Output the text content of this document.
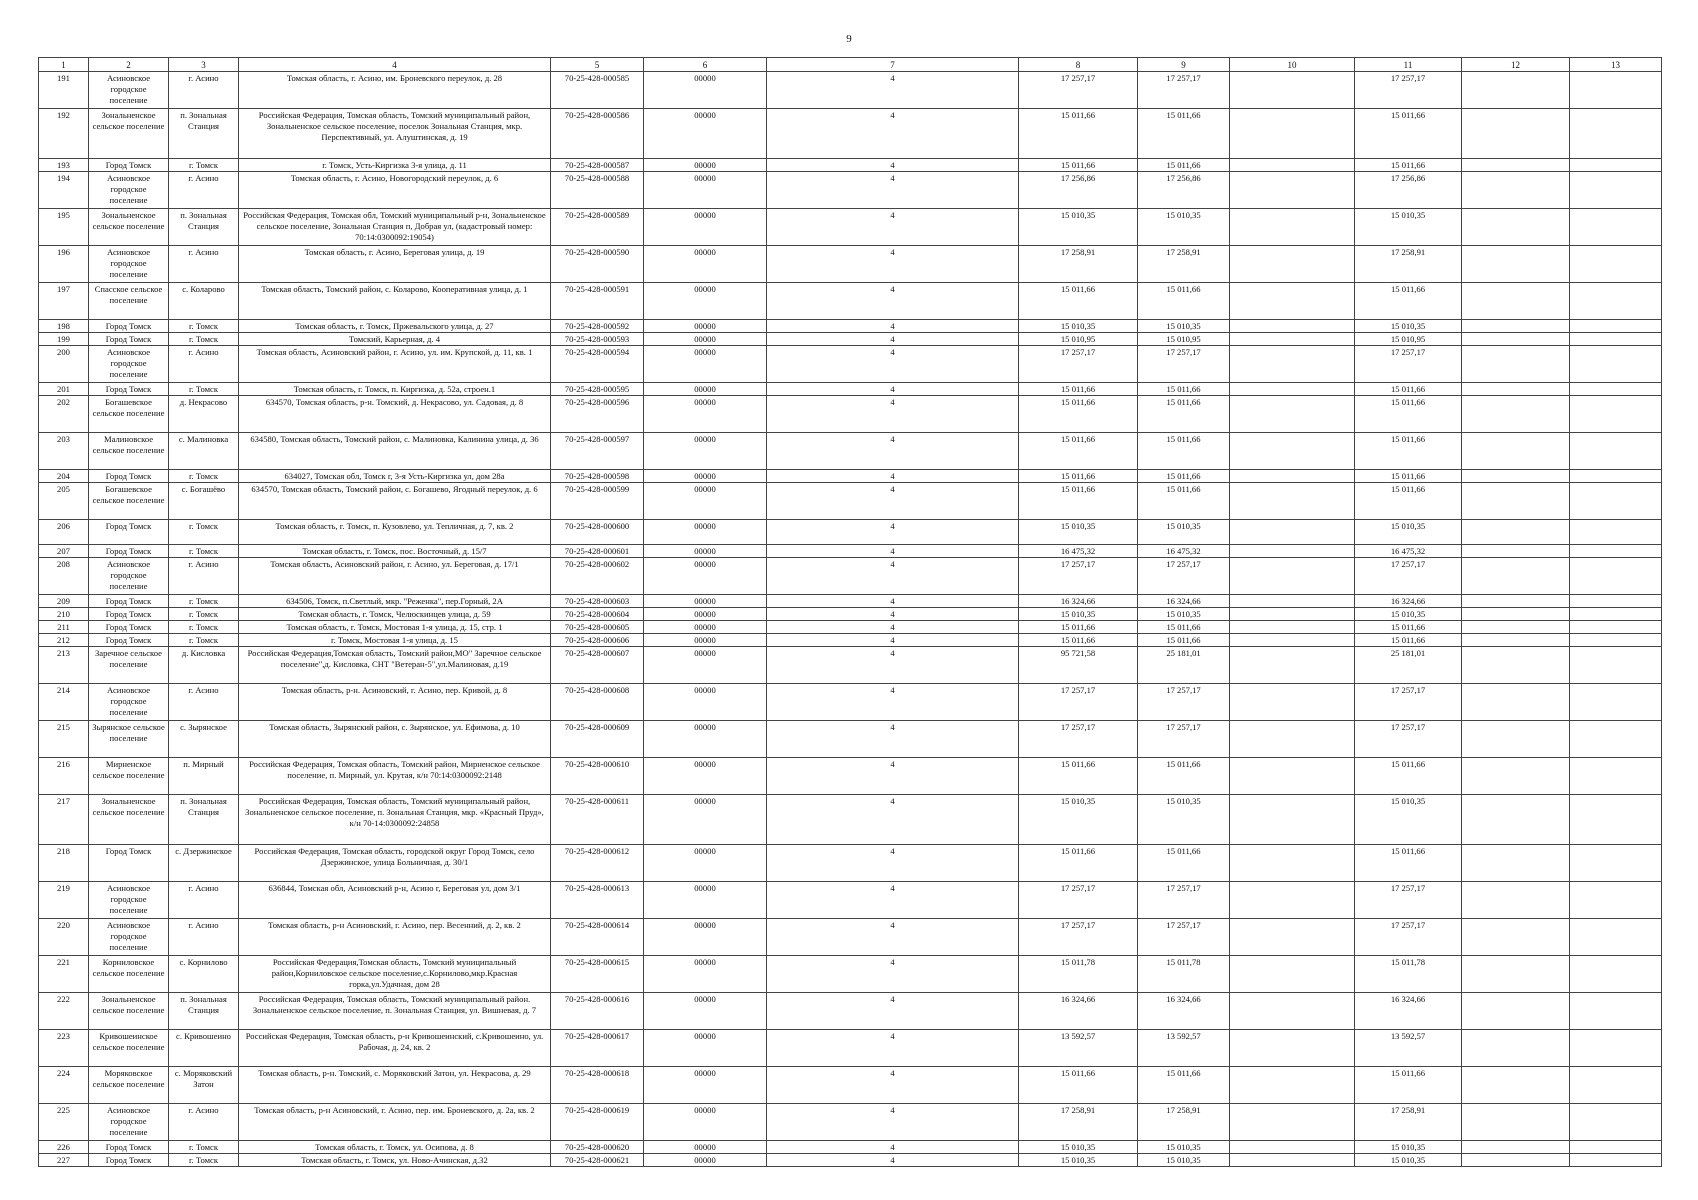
9
1	2	3	4	5	6	7	8	9	10	11	12	13
191	Асиновское городское поселение	г. Асино	Томская область, г. Асино, им. Броневского переулок, д. 28	70-25-428-000585	00000	4	17 257,17	17 257,17		17 257,17		
192	Зональненское сельское поселение	п. Зональная Станция	Российская Федерация, Томская область, Томский муниципальный район, Зональненское сельское поселение, поселок Зональная Станция, мкр. Перспективный, ул. Алуштинская, д. 19	70-25-428-000586	00000	4	15 011,66	15 011,66		15 011,66		
193	Город Томск	г. Томск	г. Томск, Усть-Киргизка 3-я улица, д. 11	70-25-428-000587	00000	4	15 011,66	15 011,66		15 011,66		
194	Асиновское городское поселение	г. Асино	Томская область, г. Асино, Новогородский переулок, д. 6	70-25-428-000588	00000	4	17 256,86	17 256,86		17 256,86		
195	Зональненское сельское поселение	п. Зональная Станция	Российская Федерация, Томская обл, Томский муниципальный р-н, Зональненское сельское поселение, Зональная Станция п, Добрая ул, (кадастровый номер: 70:14:0300092:19054)	70-25-428-000589	00000	4	15 010,35	15 010,35		15 010,35		
196	Асиновское городское поселение	г. Асино	Томская область, г. Асино, Береговая улица, д. 19	70-25-428-000590	00000	4	17 258,91	17 258,91		17 258,91		
197	Спасское сельское поселение	с. Коларово	Томская область, Томский район, с. Коларово, Кооперативная улица, д. 1	70-25-428-000591	00000	4	15 011,66	15 011,66		15 011,66		
198	Город Томск	г. Томск	Томская область, г. Томск, Пржевальского улица, д. 27	70-25-428-000592	00000	4	15 010,35	15 010,35		15 010,35		
199	Город Томск	г. Томск	Томский, Карьерная, д. 4	70-25-428-000593	00000	4	15 010,95	15 010,95		15 010,95		
200	Асиновское городское поселение	г. Асино	Томская область, Асиновский район, г. Асино, ул. им. Крупской, д. 11, кв. 1	70-25-428-000594	00000	4	17 257,17	17 257,17		17 257,17		
201	Город Томск	г. Томск	Томская область, г. Томск, п. Киргизка, д. 52а, строен.1	70-25-428-000595	00000	4	15 011,66	15 011,66		15 011,66		
202	Богашевское сельское поселение	д. Некрасово	634570, Томская область, р-н. Томский, д. Некрасово, ул. Садовая, д. 8	70-25-428-000596	00000	4	15 011,66	15 011,66		15 011,66		
203	Малиновское сельское поселение	с. Малиновка	634580, Томская область, Томский район, с. Малиновка, Калинина улица, д. 36	70-25-428-000597	00000	4	15 011,66	15 011,66		15 011,66		
204	Город Томск	г. Томск	634027, Томская обл, Томск г, 3-я Усть-Киргизка ул, дом 28а	70-25-428-000598	00000	4	15 011,66	15 011,66		15 011,66		
205	Богашевское сельское поселение	с. Богашёво	634570, Томская область, Томский район, с. Богашево, Ягодный переулок, д. 6	70-25-428-000599	00000	4	15 011,66	15 011,66		15 011,66		
206	Город Томск	г. Томск	Томская область, г. Томск, п. Кузовлево, ул. Тепличная, д. 7, кв. 2	70-25-428-000600	00000	4	15 010,35	15 010,35		15 010,35		
207	Город Томск	г. Томск	Томская область, г. Томск, пос. Восточный, д. 15/7	70-25-428-000601	00000	4	16 475,32	16 475,32		16 475,32		
208	Асиновское городское поселение	г. Асино	Томская область, Асиновский район, г. Асино, ул. Береговая, д. 17/1	70-25-428-000602	00000	4	17 257,17	17 257,17		17 257,17		
209	Город Томск	г. Томск	634506, Томск, п.Светлый, мкр. "Реженка", пер.Горный, 2А	70-25-428-000603	00000	4	16 324,66	16 324,66		16 324,66		
210	Город Томск	г. Томск	Томская область, г. Томск, Челюскинцев улица, д. 59	70-25-428-000604	00000	4	15 010,35	15 010,35		15 010,35		
211	Город Томск	г. Томск	Томская область, г. Томск, Мостовая 1-я улица, д. 15, стр. 1	70-25-428-000605	00000	4	15 011,66	15 011,66		15 011,66		
212	Город Томск	г. Томск	г. Томск, Мостовая 1-я улица, д. 15	70-25-428-000606	00000	4	15 011,66	15 011,66		15 011,66		
213	Заречное сельское поселение	д. Кисловка	Российская Федерация,Томская область, Томский район,МО" Заречное сельское поселение",д. Кисловка, СНТ "Ветеран-5",ул.Малиновая, д.19	70-25-428-000607	00000	4	95 721,58	25 181,01		25 181,01		
214	Асиновское городское поселение	г. Асино	Томская область, р-н. Асиновский, г. Асино, пер. Кривой, д. 8	70-25-428-000608	00000	4	17 257,17	17 257,17		17 257,17		
215	Зырянское сельское поселение	с. Зырянское	Томская область, Зырянский район, с. Зырянское, ул. Ефимова, д. 10	70-25-428-000609	00000	4	17 257,17	17 257,17		17 257,17		
216	Мирненское сельское поселение	п. Мирный	Российская Федерация, Томская область, Томский район, Мирненское сельское поселение, п. Мирный, ул. Крутая, к/н 70:14:0300092:2148	70-25-428-000610	00000	4	15 011,66	15 011,66		15 011,66		
217	Зональненское сельское поселение	п. Зональная Станция	Российская Федерация, Томская область, Томский муниципальный район, Зональненское сельское поселение, п. Зональная Станция, мкр. «Красный Пруд», к/н 70-14:0300092:24858	70-25-428-000611	00000	4	15 010,35	15 010,35		15 010,35		
218	Город Томск	с. Дзержинское	Российская Федерация, Томская область, городской округ Город Томск, село Дзержинское, улица Больничная, д. 30/1	70-25-428-000612	00000	4	15 011,66	15 011,66		15 011,66		
219	Асиновское городское поселение	г. Асино	636844, Томская обл, Асиновский р-н, Асино г, Береговая ул, дом 3/1	70-25-428-000613	00000	4	17 257,17	17 257,17		17 257,17		
220	Асиновское городское поселение	г. Асино	Томская область, р-н Асиновский, г. Асино, пер. Весенний, д. 2, кв. 2	70-25-428-000614	00000	4	17 257,17	17 257,17		17 257,17		
221	Корниловское сельское поселение	с. Корнилово	Российская Федерация,Томская область, Томский муниципальный район,Корниловское сельское поселение,с.Корнилово,мкр.Красная горка,ул.Удачная, дом 28	70-25-428-000615	00000	4	15 011,78	15 011,78		15 011,78		
222	Зональненское сельское поселение	п. Зональная Станция	Российская Федерация, Томская область, Томский муниципальный район. Зональненское сельское поселение, п. Зональная Станция, ул. Вишневая, д. 7	70-25-428-000616	00000	4	16 324,66	16 324,66		16 324,66		
223	Кривошеинское сельское поселение	с. Кривошеино	Российская Федерация, Томская область, р-н Кривошеинский, с.Кривошеино, ул. Рабочая, д. 24, кв. 2	70-25-428-000617	00000	4	13 592,57	13 592,57		13 592,57		
224	Моряковское сельское поселение	с. Моряковский Затон	Томская область, р-н. Томский, с. Моряковский Затон, ул. Некрасова, д. 29	70-25-428-000618	00000	4	15 011,66	15 011,66		15 011,66		
225	Асиновское городское поселение	г. Асино	Томская область, р-н Асиновский, г. Асино, пер. им. Броневского, д. 2а, кв. 2	70-25-428-000619	00000	4	17 258,91	17 258,91		17 258,91		
226	Город Томск	г. Томск	Томская область, г. Томск, ул. Осипова, д. 8	70-25-428-000620	00000	4	15 010,35	15 010,35		15 010,35		
227	Город Томск	г. Томск	Томская область, г. Томск, ул. Ново-Ачинская, д.32	70-25-428-000621	00000	4	15 010,35	15 010,35		15 010,35		
